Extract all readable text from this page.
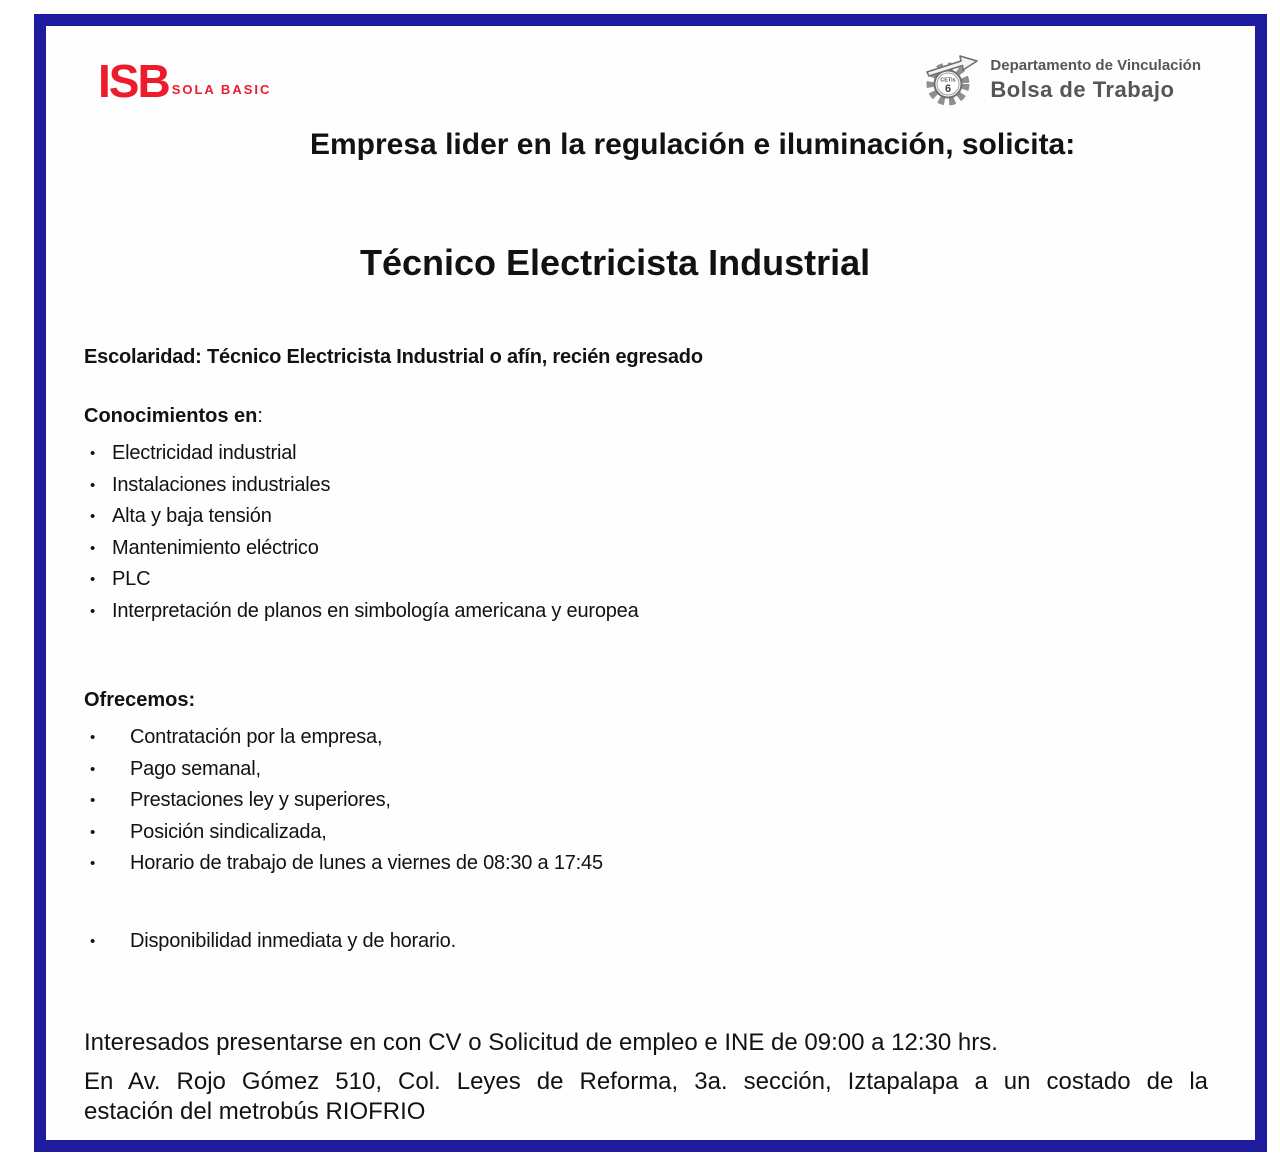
ISB SOLA BASIC
CETis
6
Departamento de Vinculación
Bolsa de Trabajo
Empresa lider en la regulación e iluminación, solicita:
Técnico Electricista Industrial

Escolaridad: Técnico Electricista Industrial o afín, recién egresado

Conocimientos en:

• Electricidad industrial
• Instalaciones industriales
• Alta y baja tensión
• Mantenimiento eléctrico
• PLC
• Interpretación de planos en simbología americana y europea

Ofrecemos:

•	Contratación por la empresa,
•	Pago semanal,
•	Prestaciones ley y superiores,
•	Posición sindicalizada,
•	Horario de trabajo de lunes a viernes de 08:30 a 17:45
•	Disponibilidad inmediata y de horario.

Interesados presentarse en con CV o Solicitud de empleo e INE de 09:00 a 12:30 hrs.

En Av. Rojo Gómez 510, Col. Leyes de Reforma, 3a. sección, Iztapalapa a un costado de la

estación del metrobús RIOFRIO
